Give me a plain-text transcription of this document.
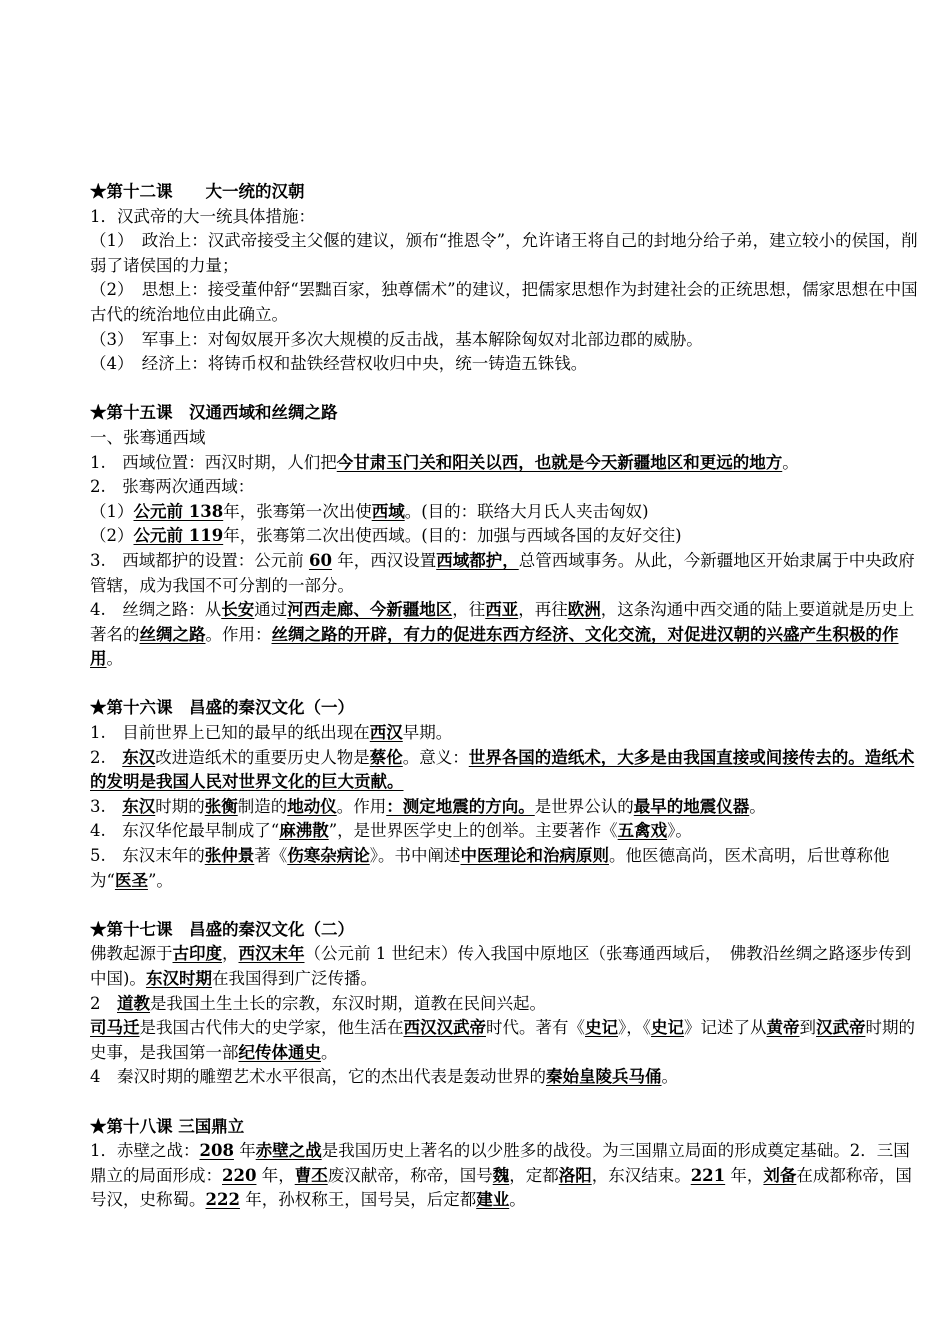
★第十二课　　大一统的汉朝
1．汉武帝的大一统具体措施：
（1）　政治上：汉武帝接受主父偃的建议，颁布“推恩令”，允许诸王将自己的封地分给子弟，建立较小的侯国，削弱了诸侯国的力量；
（2）　思想上：接受董仲舒“罢黜百家，独尊儒术”的建议，把儒家思想作为封建社会的正统思想，儒家思想在中国古代的统治地位由此确立。
（3）　军事上：对匈奴展开多次大规模的反击战，基本解除匈奴对北部边郡的威胁。
（4）　经济上：将铸币权和盐铁经营权收归中央，统一铸造五铢钱。
★第十五课　汉通西域和丝绸之路
一、张骞通西域
1.　西域位置：西汉时期，人们把今甘肃玉门关和阳关以西，也就是今天新疆地区和更远的地方。
2.　张骞两次通西域：
（1）公元前 138年，张骞第一次出使西域。(目的：联络大月氏人夹击匈奴)
（2）公元前 119年，张骞第二次出使西域。(目的：加强与西域各国的友好交往)
3.　西域都护的设置：公元前 60 年，西汉设置西域都护，总管西域事务。从此，今新疆地区开始隶属于中央政府管辖，成为我国不可分割的一部分。
4.　丝绸之路：从长安通过河西走廊、今新疆地区，往西亚，再往欧洲，这条沟通中西交通的陆上要道就是历史上著名的丝绸之路。作用：丝绸之路的开辟，有力的促进东西方经济、文化交流，对促进汉朝的兴盛产生积极的作用。
★第十六课　昌盛的秦汉文化（一）
1.　目前世界上已知的最早的纸出现在西汉早期。
2.　东汉改进造纸术的重要历史人物是蔡伦。意义：世界各国的造纸术，大多是由我国直接或间接传去的。造纸术的发明是我国人民对世界文化的巨大贡献。
3.　东汉时期的张衡制造的地动仪。作用：测定地震的方向。是世界公认的最早的地震仪器。
4.　东汉华佗最早制成了“麻沸散”，是世界医学史上的创举。主要著作《五禽戏》。
5.　东汉末年的张仲景著《伤寒杂病论》。书中阐述中医理论和治病原则。他医德高尚，医术高明，后世尊称他为“医圣”。
★第十七课　昌盛的秦汉文化（二）
佛教起源于古印度，西汉末年（公元前 1 世纪末）传入我国中原地区（张骞通西域后，　佛教沿丝绸之路逐步传到中国)。东汉时期在我国得到广泛传播。
2　道教是我国土生土长的宗教，东汉时期，道教在民间兴起。
司马迁是我国古代伟大的史学家，他生活在西汉汉武帝时代。著有《史记》，《史记》记述了从黄帝到汉武帝时期的史事，是我国第一部纪传体通史。
4　秦汉时期的雕塑艺术水平很高，它的杰出代表是轰动世界的秦始皇陵兵马俑。
★第十八课 三国鼎立
1．赤壁之战：208 年赤壁之战是我国历史上著名的以少胜多的战役。为三国鼎立局面的形成奠定基础。2．三国鼎立的局面形成：220 年，曹丕废汉献帝，称帝，国号魏，定都洛阳，东汉结束。221 年，刘备在成都称帝，国号汉，史称蜀。222 年，孙权称王，国号吴，后定都建业。
